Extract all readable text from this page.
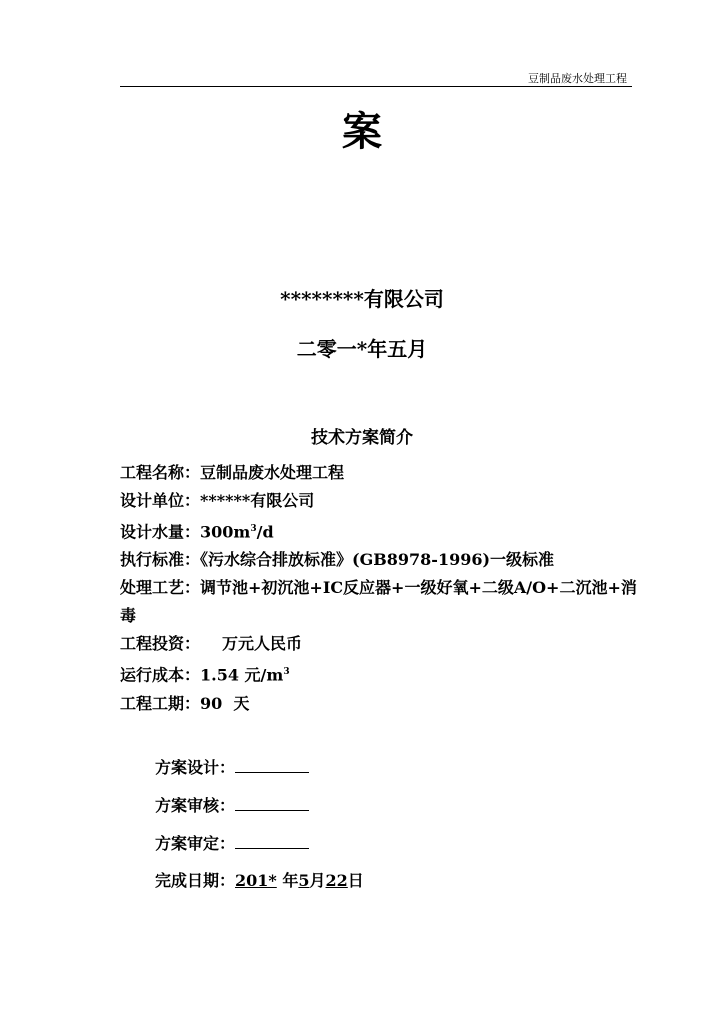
豆制品废水处理工程
案
********有限公司
二零一*年五月
技术方案简介
工程名称：豆制品废水处理工程
设计单位：******有限公司
设计水量：$300m^3/d$
执行标准：《污水综合排放标准》(GB8978-1996)一级标准
处理工艺：调节池+初沉池+IC反应器+一级好氧+二级A/O+二沉池+消毒
工程投资： 万元人民币
运行成本：1.54 元$/m^3$
工程工期：90  天
方案设计：
方案审核：
方案审定：
完成日期：201* 年5月22日
